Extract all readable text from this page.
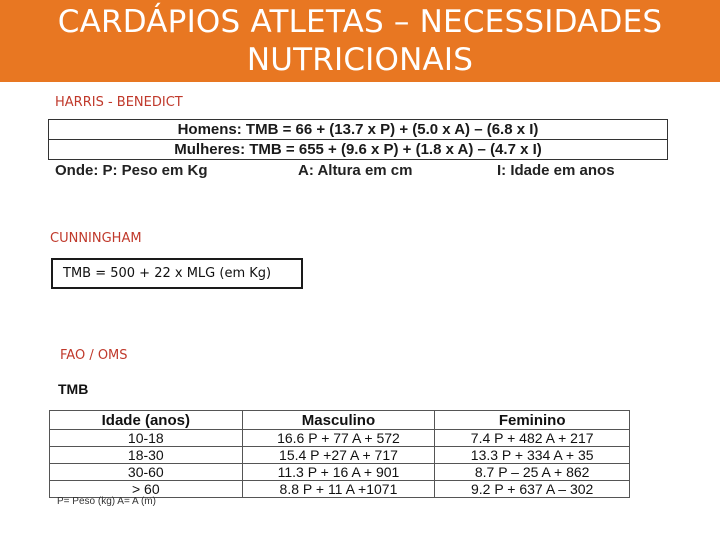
CARDÁPIOS ATLETAS – NECESSIDADES
NUTRICIONAIS
HARRIS - BENEDICT
Homens: TMB = 66 + (13.7 x P) + (5.0 x A) – (6.8 x I)
Mulheres: TMB = 655 + (9.6 x P) + (1.8 x A) – (4.7 x I)
Onde: P: Peso em Kg	A: Altura em cm	I: Idade em anos
CUNNINGHAM
TMB = 500 + 22 x MLG (em Kg)
FAO / OMS
TMB
Idade (anos)	Masculino	Feminino
10-18	16.6 P + 77 A + 572	7.4 P + 482 A + 217
18-30	15.4 P +27 A + 717	13.3 P + 334 A + 35
30-60	11.3 P + 16 A + 901	8.7 P – 25 A + 862
> 60	8.8 P + 11 A +1071	9.2 P + 637 A – 302
P= Peso (kg) A= A (m)
